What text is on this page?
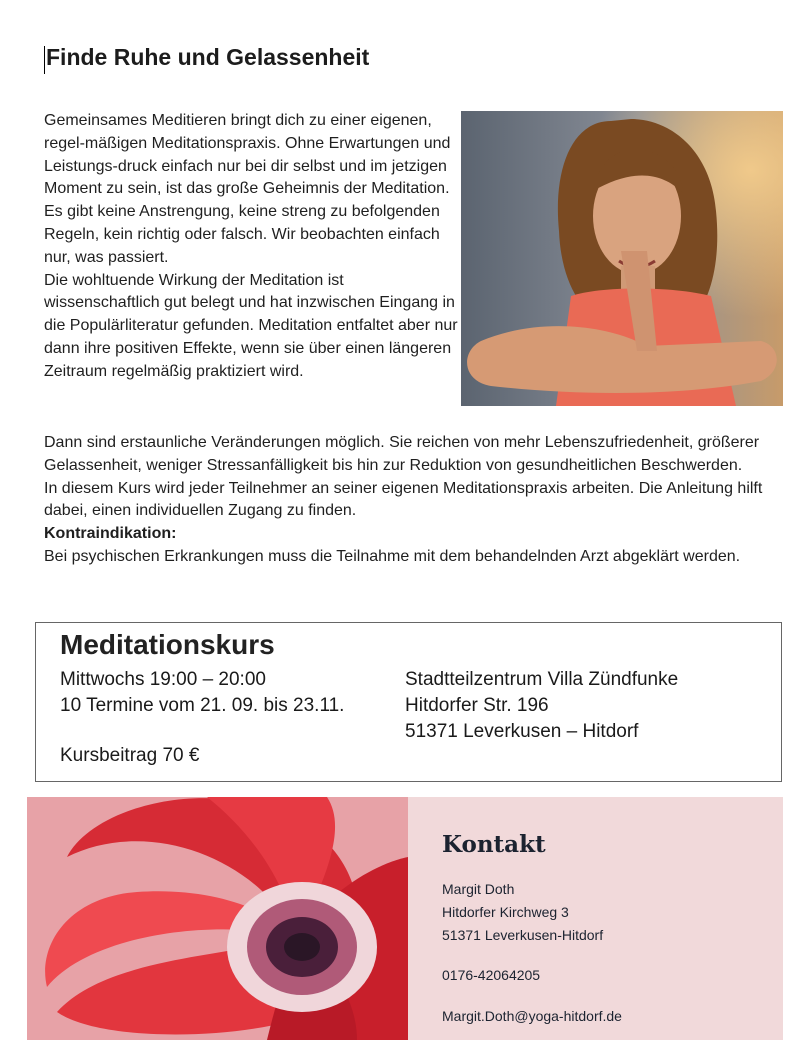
Finde Ruhe und Gelassenheit

Gemeinsames Meditieren bringt dich zu einer eigenen, regel-mäßigen Meditationspraxis. Ohne Erwartungen und Leistungs-druck einfach nur bei dir selbst und im jetzigen Moment zu sein, ist das große Geheimnis der Meditation. Es gibt keine Anstrengung, keine streng zu befolgenden Regeln, kein richtig oder falsch. Wir beobachten einfach nur, was passiert.

Die wohltuende Wirkung der Meditation ist wissenschaftlich gut belegt und hat inzwischen Eingang in die Populärliteratur gefunden. Meditation entfaltet aber nur dann ihre positiven Effekte, wenn sie über einen längeren Zeitraum regelmäßig praktiziert wird.

Dann sind erstaunliche Veränderungen möglich. Sie reichen von mehr Lebenszufriedenheit, größerer Gelassenheit, weniger Stressanfälligkeit bis hin zur Reduktion von gesundheitlichen Beschwerden.

In diesem Kurs wird jeder Teilnehmer an seiner eigenen Meditationspraxis arbeiten. Die Anleitung hilft dabei, einen individuellen Zugang zu finden.

Kontraindikation:

Bei psychischen Erkrankungen muss die Teilnahme mit dem behandelnden Arzt abgeklärt werden.

Meditationskurs
Mittwochs 19:00 – 20:00
10 Termine vom 21. 09. bis 23.11.
Stadtteilzentrum Villa Zündfunke
Hitdorfer Str. 196
51371 Leverkusen – Hitdorf
Kursbeitrag 70 €
Kontakt
Margit Doth
Hitdorfer Kirchweg 3
51371 Leverkusen-Hitdorf
0176-42064205
Margit.Doth@yoga-hitdorf.de
